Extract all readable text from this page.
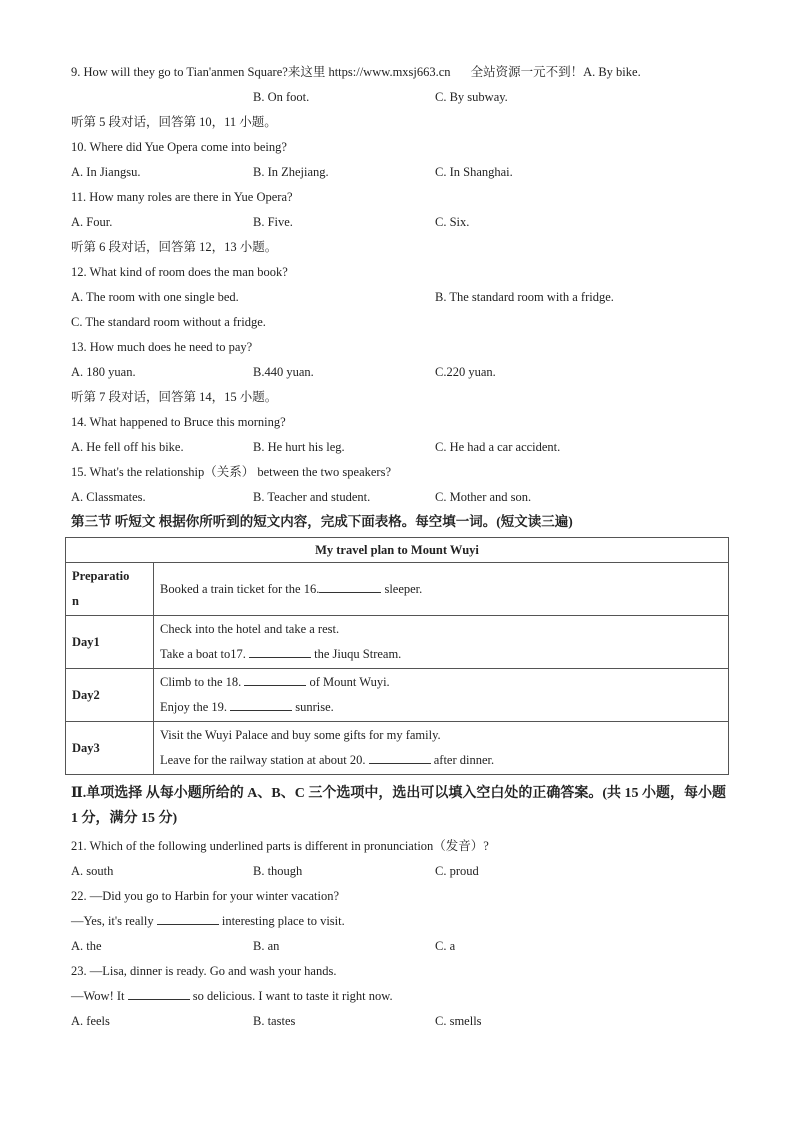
9. How will they go to Tian'anmen Square?来这里 https://www.mxsj663.cn 全站资源一元不到！A. By bike.
B. On foot.	C. By subway.
听第 5 段对话，回答第 10，11 小题。
10. Where did Yue Opera come into being?
A. In Jiangsu.	B. In Zhejiang.	C. In Shanghai.
11. How many roles are there in Yue Opera?
A. Four.	B. Five.	C. Six.
听第 6 段对话，回答第 12，13 小题。
12. What kind of room does the man book?
A. The room with one single bed.	B. The standard room with a fridge.
C. The standard room without a fridge.
13. How much does he need to pay?
A. 180 yuan.	B.440 yuan.	C.220 yuan.
听第 7 段对话，回答第 14，15 小题。
14. What happened to Bruce this morning?
A. He fell off his bike.	B. He hurt his leg.	C. He had a car accident.
15. What's the relationship（关系） between the two speakers?
A. Classmates.	B. Teacher and student.	C. Mother and son.
第三节 听短文 根据你所听到的短文内容，完成下面表格。每空填一词。(短文读三遍)
My travel plan to Mount Wuyi	

Preparatio
n	Booked a train ticket for the 16. sleeper.
Day1	Check into the hotel and take a rest.
Take a boat to17. the Jiuqu Stream.

Day2	Climb to the 18. of Mount Wuyi.
Enjoy the 19. sunrise.

Day3	Visit the Wuyi Palace and buy some gifts for my family.
Leave for the railway station at about 20. after dinner.
Ⅱ.单项选择 从每小题所给的 A、B、C 三个选项中，选出可以填入空白处的正确答案。(共 15 小题，每小题 1 分，满分 15 分)
21. Which of the following underlined parts is different in pronunciation（发音）?
A. south	B. though	C. proud
22. —Did you go to Harbin for your winter vacation?
—Yes, it's really	interesting place to visit.
A. the	B. an	C. a
23. —Lisa, dinner is ready. Go and wash your hands.
—Wow! It	so delicious. I want to taste it right now.
A. feels	B. tastes	C. smells
